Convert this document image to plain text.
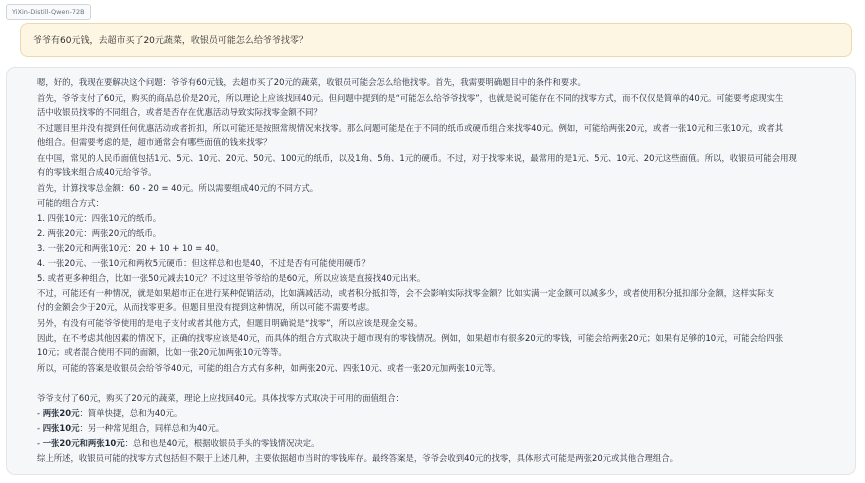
YiXin-Distill-Qwen-72B
爷爷有60元钱，去超市买了20元蔬菜，收银员可能怎么给爷爷找零？
嗯，好的，我现在要解决这个问题：爷爷有60元钱，去超市买了20元的蔬菜，收银员可能会怎么给他找零。首先，我需要明确题目中的条件和要求。
首先，爷爷支付了60元，购买的商品总价是20元，所以理论上应该找回40元。但问题中提到的是“可能怎么给爷爷找零”，也就是说可能存在不同的找零方式，而不仅仅是简单的40元。可能要考虑现实生
活中收银员找零的不同组合，或者是否存在优惠活动导致实际找零金额不同？
不过题目里并没有提到任何优惠活动或者折扣，所以可能还是按照常规情况来找零。那么问题可能是在于不同的纸币或硬币组合来找零40元。例如，可能给两张20元，或者一张10元和三张10元，或者其
他组合。但需要考虑的是，超市通常会有哪些面值的钱来找零？
在中国，常见的人民币面值包括1元、5元、10元、20元、50元、100元的纸币，以及1角、5角、1元的硬币。不过，对于找零来说，最常用的是1元、5元、10元、20元这些面值。所以，收银员可能会用现
有的零钱来组合成40元给爷爷。
首先，计算找零总金额：60 - 20 = 40元。所以需要组成40元的不同方式。
可能的组合方式：
1. 四张10元：四张10元的纸币。
2. 两张20元：两张20元的纸币。
3. 一张20元和两张10元：20 + 10 + 10 = 40。
4. 一张20元、一张10元和两枚5元硬币：但这样总和也是40，不过是否有可能使用硬币？
5. 或者更多种组合，比如一张50元减去10元？不过这里爷爷给的是60元，所以应该是直接找40元出来。
不过，可能还有一种情况，就是如果超市正在进行某种促销活动，比如满减活动，或者积分抵扣等，会不会影响实际找零金额？比如实满一定金额可以减多少，或者使用积分抵扣部分金额，这样实际支
付的金额会少于20元，从而找零更多。但题目里没有提到这种情况，所以可能不需要考虑。
另外，有没有可能爷爷使用的是电子支付或者其他方式，但题目明确说是“找零”，所以应该是现金交易。
因此，在不考虑其他因素的情况下，正确的找零应该是40元，而具体的组合方式取决于超市现有的零钱情况。例如，如果超市有很多20元的零钱，可能会给两张20元；如果有足够的10元，可能会给四张
10元；或者混合使用不同的面额，比如一张20元加两张10元等等。
所以，可能的答案是收银员会给爷爷40元，可能的组合方式有多种，如两张20元、四张10元、或者一张20元加两张10元等。
爷爷支付了60元，购买了20元的蔬菜，理论上应找回40元。具体找零方式取决于可用的面值组合：
- 两张20元：简单快捷，总和为40元。
- 四张10元：另一种常见组合，同样总和为40元。
- 一张20元和两张10元：总和也是40元，根据收银员手头的零钱情况决定。
综上所述，收银员可能的找零方式包括但不限于上述几种，主要依据超市当时的零钱库存。最终答案是，爷爷会收到40元的找零，具体形式可能是两张20元或其他合理组合。
